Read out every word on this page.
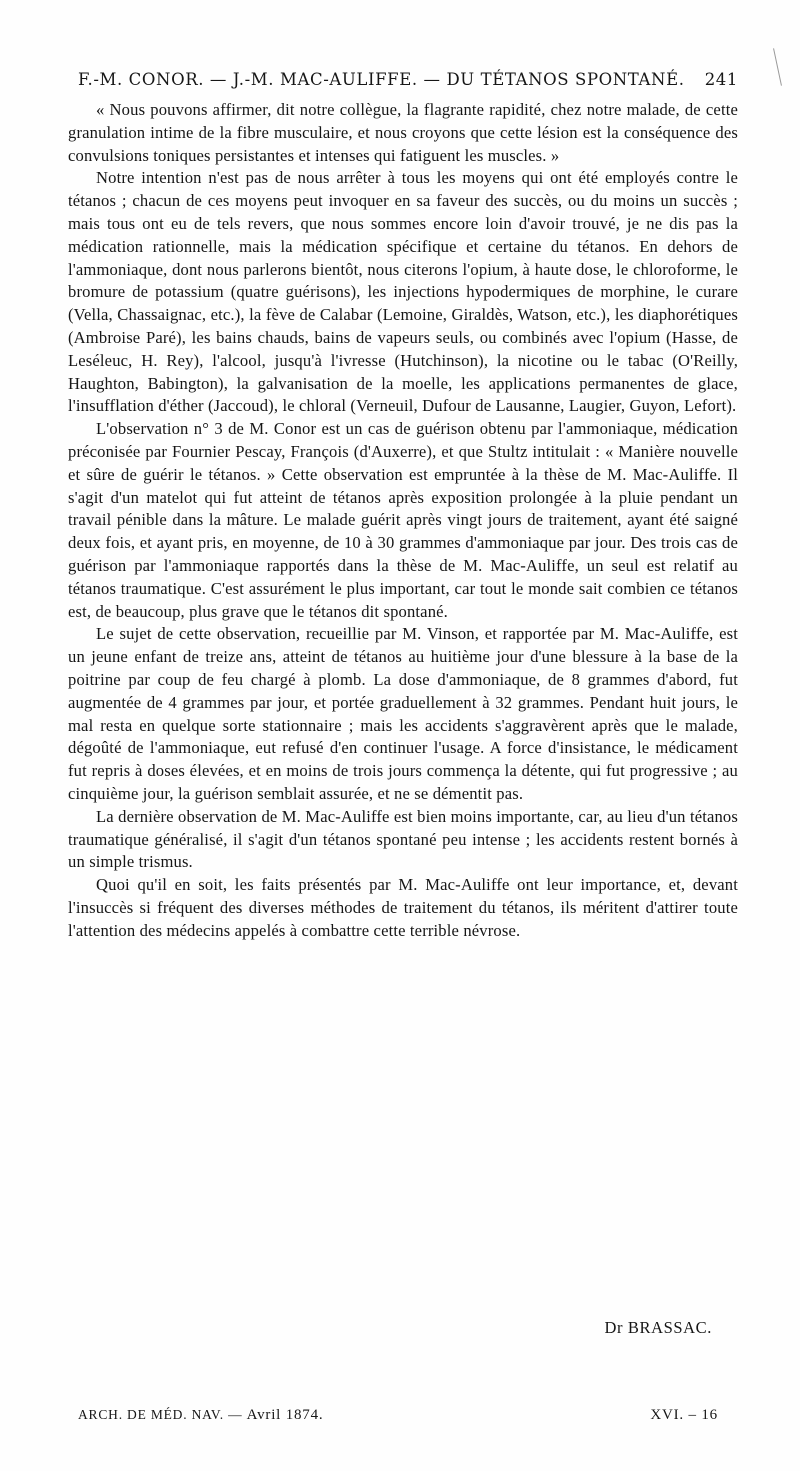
F.-M. CONOR. — J.-M. MAC-AULIFFE. — DU TÉTANOS SPONTANÉ. 241

« Nous pouvons affirmer, dit notre collègue, la flagrante rapidité, chez notre malade, de cette granulation intime de la fibre musculaire, et nous croyons que cette lésion est la conséquence des convulsions toniques persistantes et intenses qui fatiguent les muscles. »

Notre intention n'est pas de nous arrêter à tous les moyens qui ont été employés contre le tétanos ; chacun de ces moyens peut invoquer en sa faveur des succès, ou du moins un succès ; mais tous ont eu de tels revers, que nous sommes encore loin d'avoir trouvé, je ne dis pas la médication rationnelle, mais la médication spécifique et certaine du tétanos. En dehors de l'ammoniaque, dont nous parlerons bientôt, nous citerons l'opium, à haute dose, le chloroforme, le bromure de potassium (quatre guérisons), les injections hypodermiques de morphine, le curare (Vella, Chassaignac, etc.), la fève de Calabar (Lemoine, Giraldès, Watson, etc.), les diaphorétiques (Ambroise Paré), les bains chauds, bains de vapeurs seuls, ou combinés avec l'opium (Hasse, de Leséleuc, H. Rey), l'alcool, jusqu'à l'ivresse (Hutchinson), la nicotine ou le tabac (O'Reilly, Haughton, Babington), la galvanisation de la moelle, les applications permanentes de glace, l'insufflation d'éther (Jaccoud), le chloral (Verneuil, Dufour de Lausanne, Laugier, Guyon, Lefort).

L'observation n° 3 de M. Conor est un cas de guérison obtenu par l'ammoniaque, médication préconisée par Fournier Pescay, François (d'Auxerre), et que Stultz intitulait : « Manière nouvelle et sûre de guérir le tétanos. » Cette observation est empruntée à la thèse de M. Mac-Auliffe. Il s'agit d'un matelot qui fut atteint de tétanos après exposition prolongée à la pluie pendant un travail pénible dans la mâture. Le malade guérit après vingt jours de traitement, ayant été saigné deux fois, et ayant pris, en moyenne, de 10 à 30 grammes d'ammoniaque par jour. Des trois cas de guérison par l'ammoniaque rapportés dans la thèse de M. Mac-Auliffe, un seul est relatif au tétanos traumatique. C'est assurément le plus important, car tout le monde sait combien ce tétanos est, de beaucoup, plus grave que le tétanos dit spontané.

Le sujet de cette observation, recueillie par M. Vinson, et rapportée par M. Mac-Auliffe, est un jeune enfant de treize ans, atteint de tétanos au huitième jour d'une blessure à la base de la poitrine par coup de feu chargé à plomb. La dose d'ammoniaque, de 8 grammes d'abord, fut augmentée de 4 grammes par jour, et portée graduellement à 32 grammes. Pendant huit jours, le mal resta en quelque sorte stationnaire ; mais les accidents s'aggravèrent après que le malade, dégoûté de l'ammoniaque, eut refusé d'en continuer l'usage. A force d'insistance, le médicament fut repris à doses élevées, et en moins de trois jours commença la détente, qui fut progressive ; au cinquième jour, la guérison semblait assurée, et ne se démentit pas.

La dernière observation de M. Mac-Auliffe est bien moins importante, car, au lieu d'un tétanos traumatique généralisé, il s'agit d'un tétanos spontané peu intense ; les accidents restent bornés à un simple trismus.

Quoi qu'il en soit, les faits présentés par M. Mac-Auliffe ont leur importance, et, devant l'insuccès si fréquent des diverses méthodes de traitement du tétanos, ils méritent d'attirer toute l'attention des médecins appelés à combattre cette terrible névrose.

Dr BRASSAC.
ARCH. DE MÉD. NAV. — Avril 1874.	XVI. – 16
